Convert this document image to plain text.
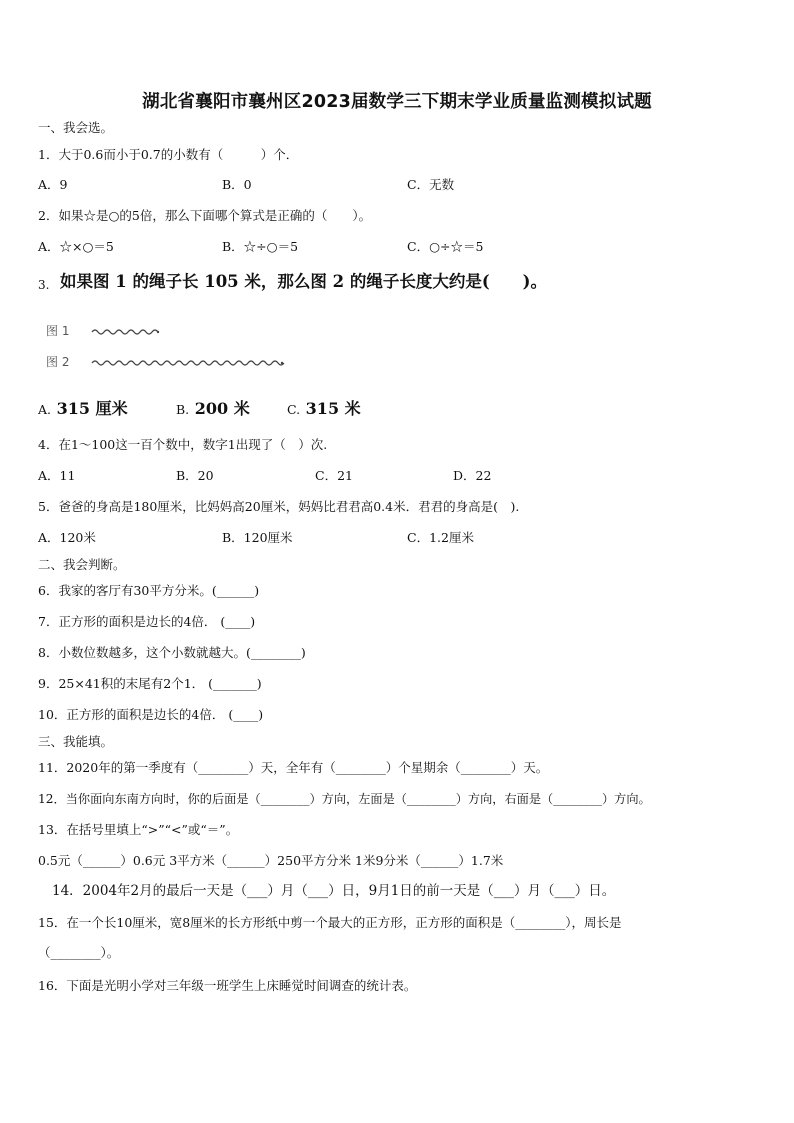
湖北省襄阳市襄州区2023届数学三下期末学业质量监测模拟试题
一、我会选。
1．大于0.6而小于0.7的小数有（　　　）个．
A．9	B．0	C．无数
2．如果☆是○的5倍，那么下面哪个算式是正确的（　　）。
A．☆×○＝5	B．☆÷○＝5	C．○÷☆＝5
3. 如果图 1 的绳子长 105 米，那么图 2 的绳子长度大约是(　　)。
图 1
图 2
A. 315 厘米	B. 200 米	C. 315 米
4．在1～100这一百个数中，数字1出现了（　）次.
A．11	B．20	C．21	D．22
5．爸爸的身高是180厘米，比妈妈高20厘米，妈妈比君君高0.4米．君君的身高是(　).
A．120米	B．120厘米	C．1.2厘米
二、我会判断。
6．我家的客厅有30平方分米。(______)
7．正方形的面积是边长的4倍． (____)
8．小数位数越多，这个小数就越大。(________)
9．25×41积的末尾有2个1． (_______)
10．正方形的面积是边长的4倍． (____)
三、我能填。
11．2020年的第一季度有（________）天，全年有（________）个星期余（________）天。
12．当你面向东南方向时，你的后面是（________）方向，左面是（________）方向，右面是（________）方向。
13．在括号里填上“>”“<”或“＝”。
0.5元（______）0.6元 3平方米（______）250平方分米 1米9分米（______）1.7米
14．2004年2月的最后一天是（___）月（___）日，9月1日的前一天是（___）月（___）日。
15．在一个长10厘米，宽8厘米的长方形纸中剪一个最大的正方形，正方形的面积是（________），周长是
（________）。
16．下面是光明小学对三年级一班学生上床睡觉时间调查的统计表。
